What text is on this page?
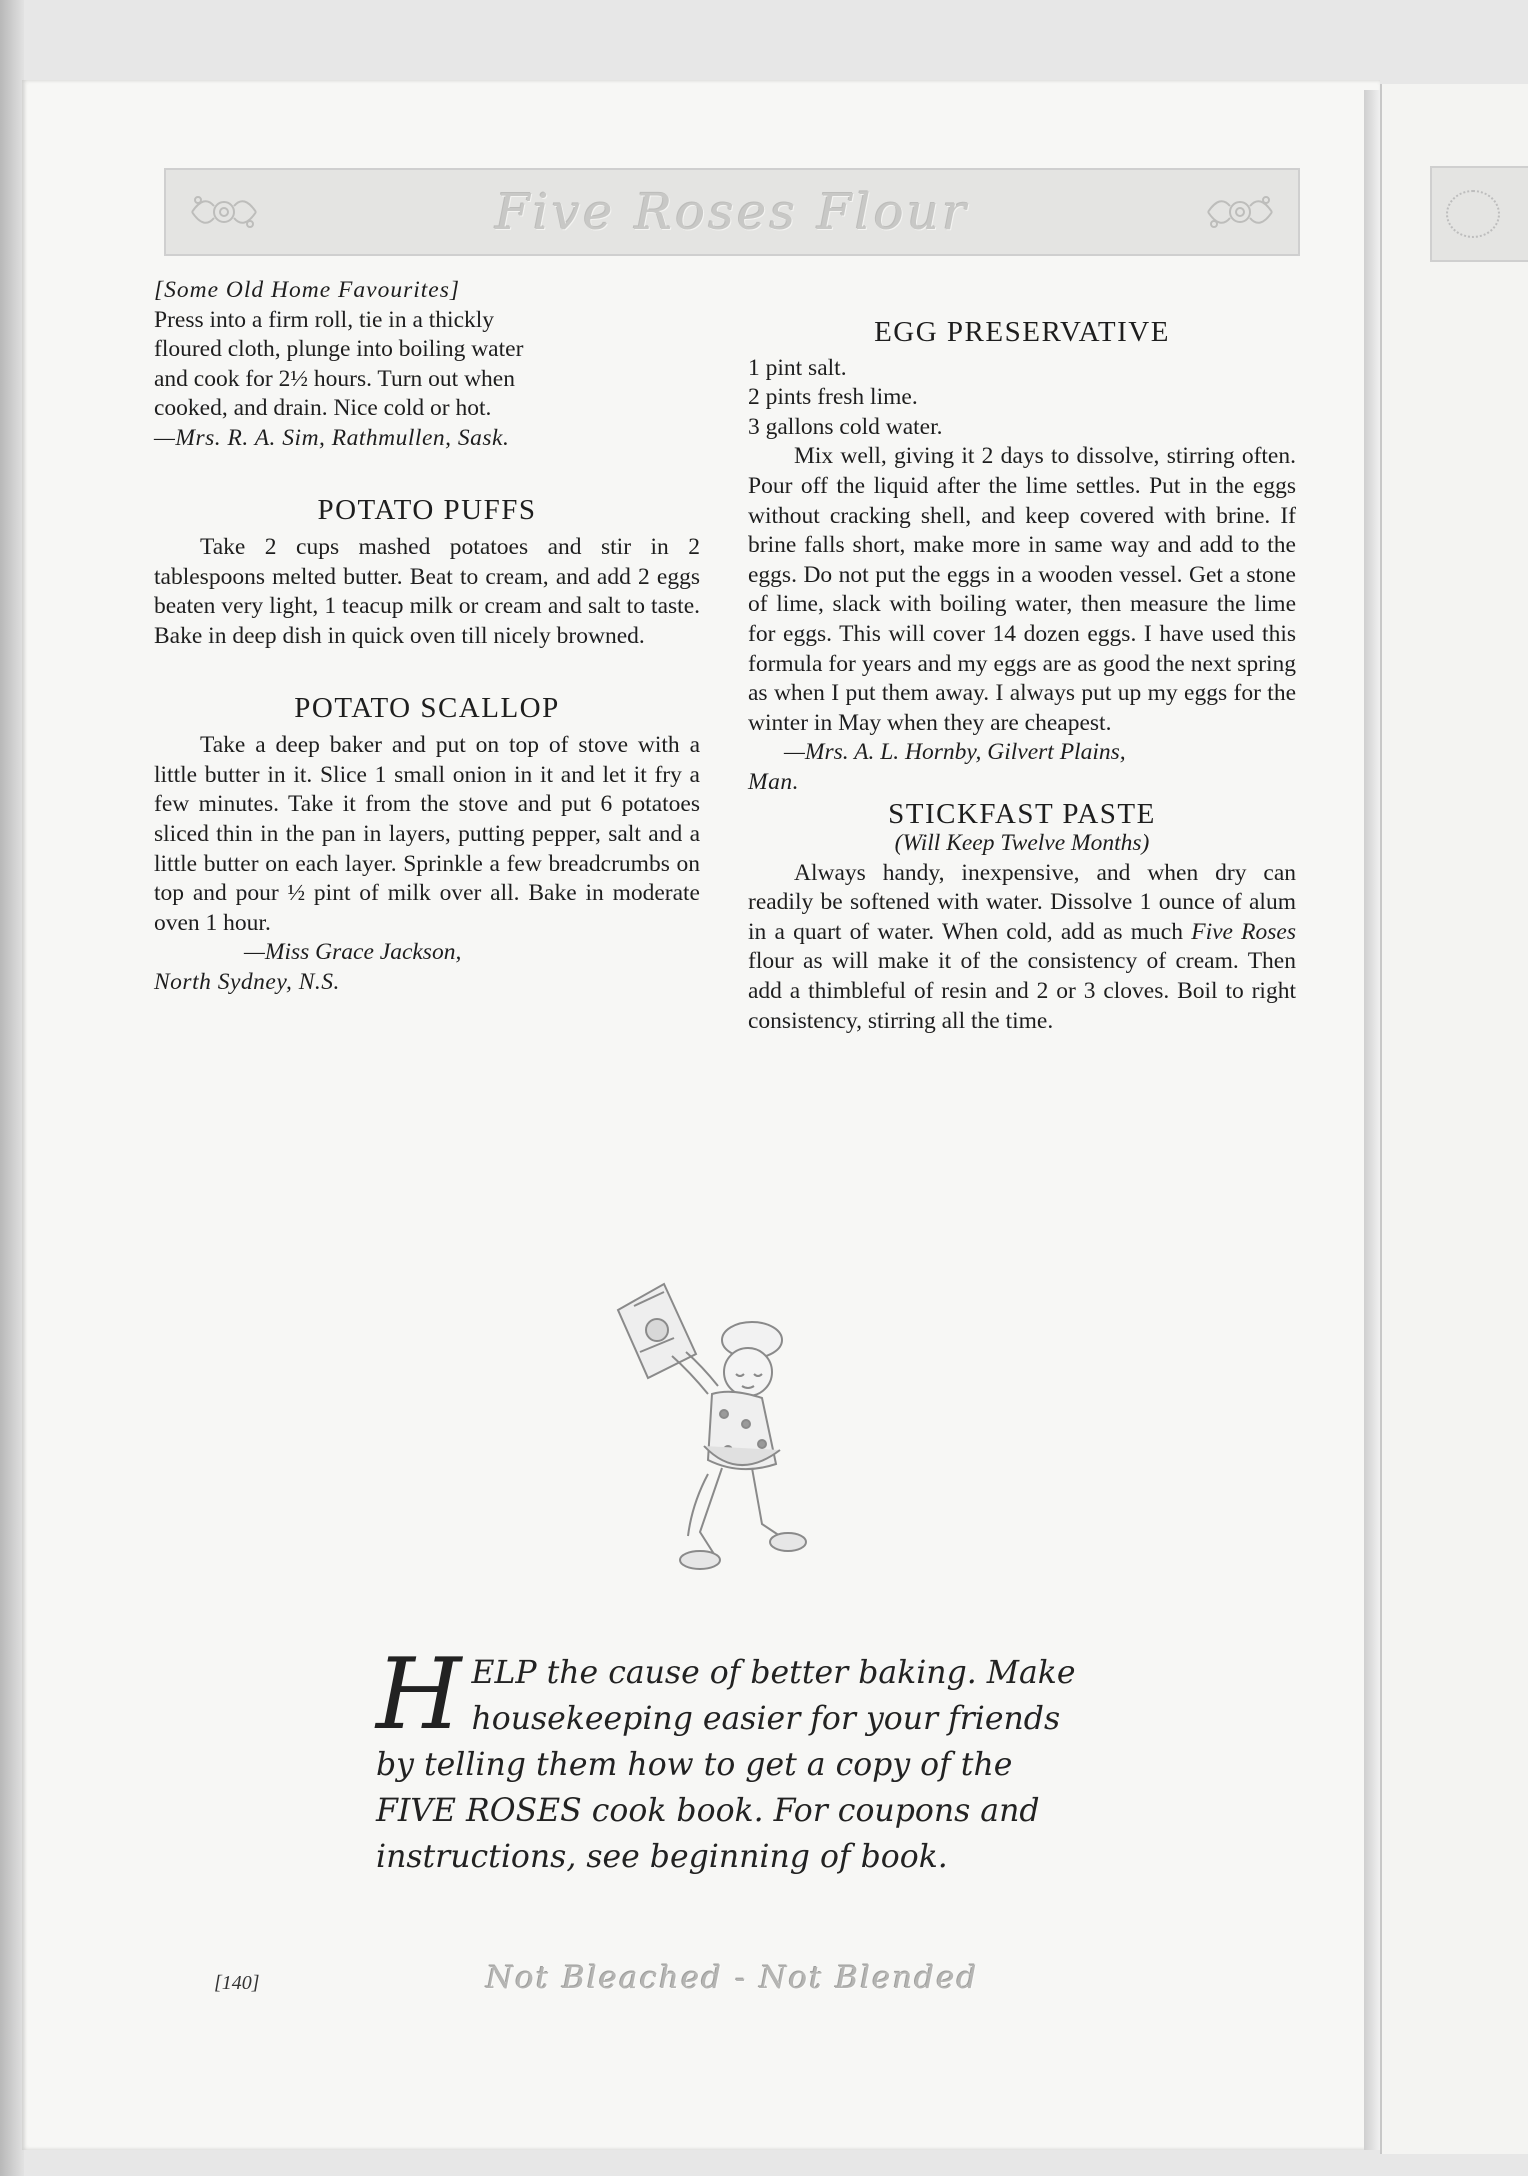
Five Roses Flour

[Some Old Home Favourites]

Press into a firm roll, tie in a thickly
floured cloth, plunge into boiling water
and cook for 2½ hours. Turn out when
cooked, and drain. Nice cold or hot.

—Mrs. R. A. Sim, Rathmullen, Sask.

POTATO PUFFS

Take 2 cups mashed potatoes and stir in 2 tablespoons melted butter. Beat to cream, and add 2 eggs beaten very light, 1 teacup milk or cream and salt to taste. Bake in deep dish in quick oven till nicely browned.

POTATO SCALLOP

Take a deep baker and put on top of stove with a little butter in it. Slice 1 small onion in it and let it fry a few minutes. Take it from the stove and put 6 potatoes sliced thin in the pan in layers, putting pepper, salt and a little butter on each layer. Sprinkle a few breadcrumbs on top and pour ½ pint of milk over all. Bake in moderate oven 1 hour.

—Miss Grace Jackson,

North Sydney, N.S.

EGG PRESERVATIVE

1 pint salt.

2 pints fresh lime.

3 gallons cold water.

Mix well, giving it 2 days to dissolve, stirring often. Pour off the liquid after the lime settles. Put in the eggs without cracking shell, and keep covered with brine. If brine falls short, make more in same way and add to the eggs. Do not put the eggs in a wooden vessel. Get a stone of lime, slack with boiling water, then measure the lime for eggs. This will cover 14 dozen eggs. I have used this formula for years and my eggs are as good the next spring as when I put them away. I always put up my eggs for the winter in May when they are cheapest.

—Mrs. A. L. Hornby, Gilvert Plains,

Man.

STICKFAST PASTE

(Will Keep Twelve Months)

Always handy, inexpensive, and when dry can readily be softened with water. Dissolve 1 ounce of alum in a quart of water. When cold, add as much Five Roses flour as will make it of the consistency of cream. Then add a thimbleful of resin and 2 or 3 cloves. Boil to right consistency, stirring all the time.

HELP the cause of better baking. Make housekeeping easier for your friends by telling them how to get a copy of the FIVE ROSES cook book. For coupons and instructions, see beginning of book.
[140]	Not Bleached - Not Blended
